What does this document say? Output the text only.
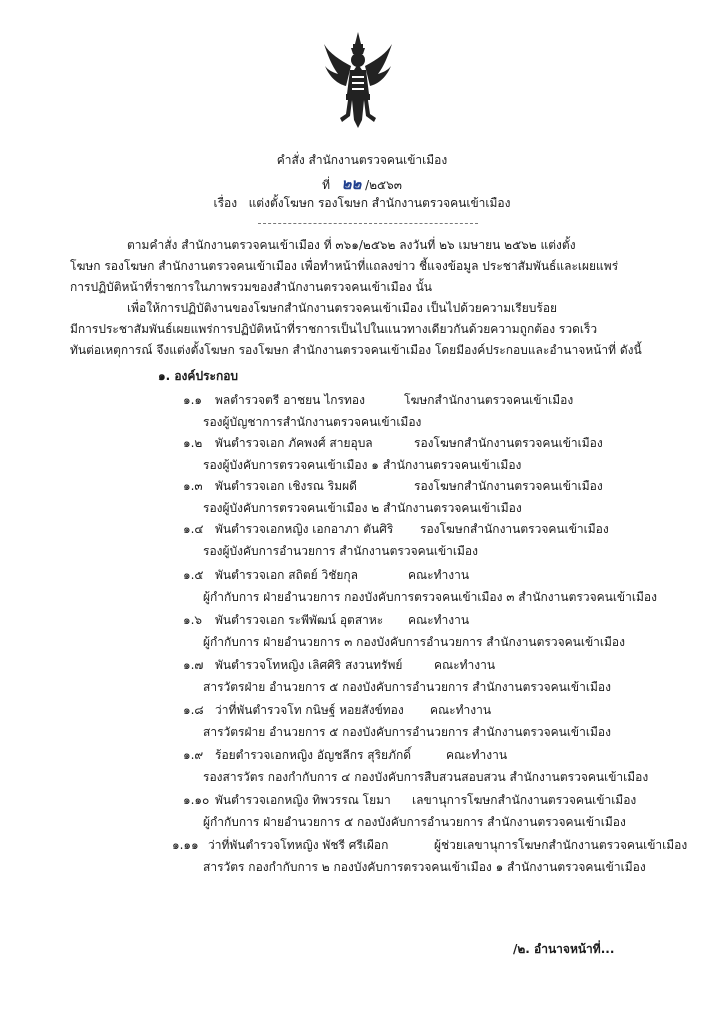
คำสั่ง สำนักงานตรวจคนเข้าเมือง
ที่ ๒๒ /๒๕๖๓
เรื่อง แต่งตั้งโฆษก รองโฆษก สำนักงานตรวจคนเข้าเมือง
ตามคำสั่ง สำนักงานตรวจคนเข้าเมือง ที่ ๓๖๑/๒๕๖๒ ลงวันที่ ๒๖ เมษายน ๒๕๖๒ แต่งตั้ง
โฆษก รองโฆษก สำนักงานตรวจคนเข้าเมือง เพื่อทำหน้าที่แถลงข่าว ชี้แจงข้อมูล ประชาสัมพันธ์และเผยแพร่
การปฏิบัติหน้าที่ราชการในภาพรวมของสำนักงานตรวจคนเข้าเมือง นั้น
เพื่อให้การปฏิบัติงานของโฆษกสำนักงานตรวจคนเข้าเมือง เป็นไปด้วยความเรียบร้อย
มีการประชาสัมพันธ์เผยแพร่การปฏิบัติหน้าที่ราชการเป็นไปในแนวทางเดียวกันด้วยความถูกต้อง รวดเร็ว
ทันต่อเหตุการณ์ จึงแต่งตั้งโฆษก รองโฆษก สำนักงานตรวจคนเข้าเมือง โดยมีองค์ประกอบและอำนาจหน้าที่ ดังนี้
๑. องค์ประกอบ
๑.๑ พลตำรวจตรี อาชยน ไกรทอง	โฆษกสำนักงานตรวจคนเข้าเมือง
รองผู้บัญชาการสำนักงานตรวจคนเข้าเมือง
๑.๒ พันตำรวจเอก ภัคพงศ์ สายอุบล	รองโฆษกสำนักงานตรวจคนเข้าเมือง
รองผู้บังคับการตรวจคนเข้าเมือง ๑ สำนักงานตรวจคนเข้าเมือง
๑.๓ พันตำรวจเอก เชิงรณ ริมผดี	รองโฆษกสำนักงานตรวจคนเข้าเมือง
รองผู้บังคับการตรวจคนเข้าเมือง ๒ สำนักงานตรวจคนเข้าเมือง
๑.๔ พันตำรวจเอกหญิง เอกอาภา ตันศิริ รองโฆษกสำนักงานตรวจคนเข้าเมือง
รองผู้บังคับการอำนวยการ สำนักงานตรวจคนเข้าเมือง
๑.๕ พันตำรวจเอก สถิตย์ วิชัยกุล	คณะทำงาน
ผู้กำกับการ ฝ่ายอำนวยการ กองบังคับการตรวจคนเข้าเมือง ๓ สำนักงานตรวจคนเข้าเมือง
๑.๖ พันตำรวจเอก ระพีพัฒน์ อุตสาหะ คณะทำงาน
ผู้กำกับการ ฝ่ายอำนวยการ ๓ กองบังคับการอำนวยการ สำนักงานตรวจคนเข้าเมือง
๑.๗ พันตำรวจโทหญิง เลิศศิริ สงวนทรัพย์	คณะทำงาน
สารวัตรฝ่าย อำนวยการ ๕ กองบังคับการอำนวยการ สำนักงานตรวจคนเข้าเมือง
๑.๘ ว่าที่พันตำรวจโท กนิษฐ์ หอยสังข์ทอง คณะทำงาน
สารวัตรฝ่าย อำนวยการ ๕ กองบังคับการอำนวยการ สำนักงานตรวจคนเข้าเมือง
๑.๙ ร้อยตำรวจเอกหญิง อัญชลีกร สุริยภักดิ์	คณะทำงาน
รองสารวัตร กองกำกับการ ๔ กองบังคับการสืบสวนสอบสวน สำนักงานตรวจคนเข้าเมือง
๑.๑๐ พันตำรวจเอกหญิง ทิพวรรณ โยมา เลขานุการโฆษกสำนักงานตรวจคนเข้าเมือง
ผู้กำกับการ ฝ่ายอำนวยการ ๕ กองบังคับการอำนวยการ สำนักงานตรวจคนเข้าเมือง
๑.๑๑ ว่าที่พันตำรวจโทหญิง พัชรี ศรีเผือก	ผู้ช่วยเลขานุการโฆษกสำนักงานตรวจคนเข้าเมือง
สารวัตร กองกำกับการ ๒ กองบังคับการตรวจคนเข้าเมือง ๑ สำนักงานตรวจคนเข้าเมือง
/๒. อำนาจหน้าที่...
